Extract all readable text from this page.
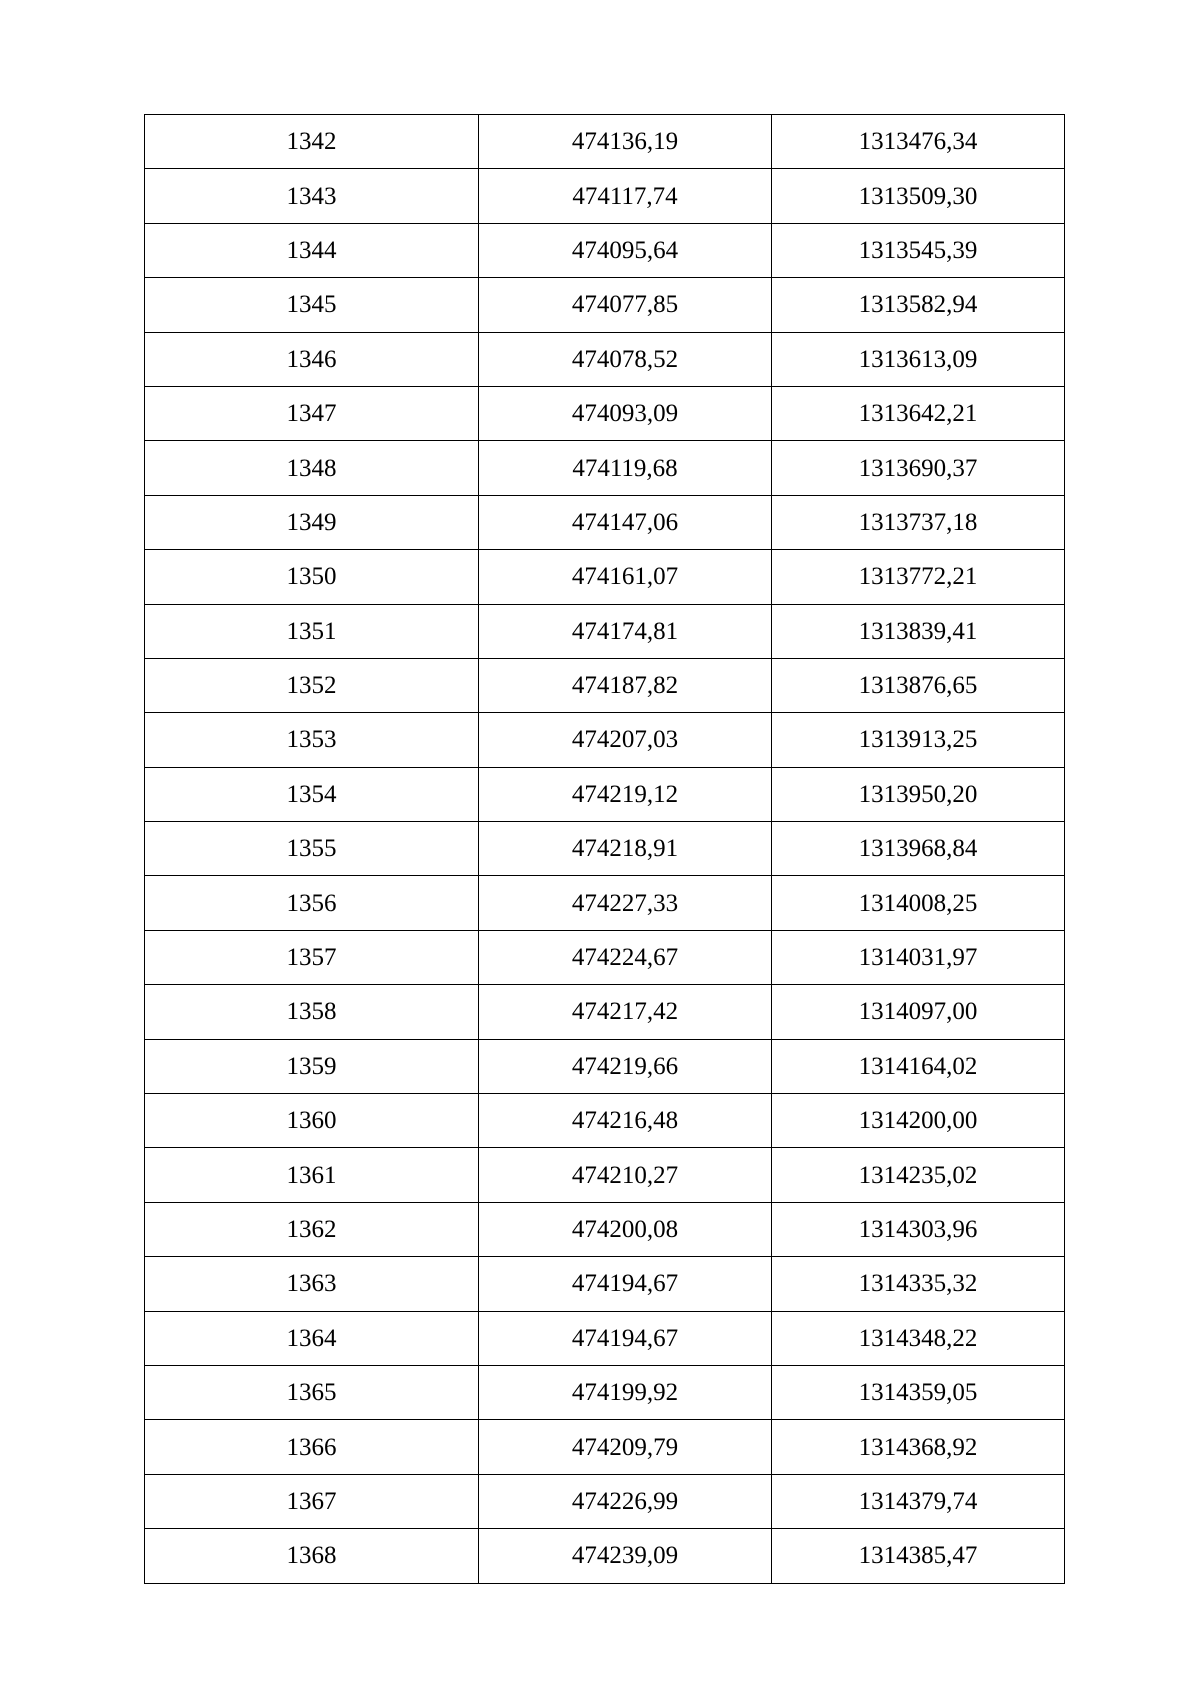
1342	474136,19	1313476,34
1343	474117,74	1313509,30
1344	474095,64	1313545,39
1345	474077,85	1313582,94
1346	474078,52	1313613,09
1347	474093,09	1313642,21
1348	474119,68	1313690,37
1349	474147,06	1313737,18
1350	474161,07	1313772,21
1351	474174,81	1313839,41
1352	474187,82	1313876,65
1353	474207,03	1313913,25
1354	474219,12	1313950,20
1355	474218,91	1313968,84
1356	474227,33	1314008,25
1357	474224,67	1314031,97
1358	474217,42	1314097,00
1359	474219,66	1314164,02
1360	474216,48	1314200,00
1361	474210,27	1314235,02
1362	474200,08	1314303,96
1363	474194,67	1314335,32
1364	474194,67	1314348,22
1365	474199,92	1314359,05
1366	474209,79	1314368,92
1367	474226,99	1314379,74
1368	474239,09	1314385,47
